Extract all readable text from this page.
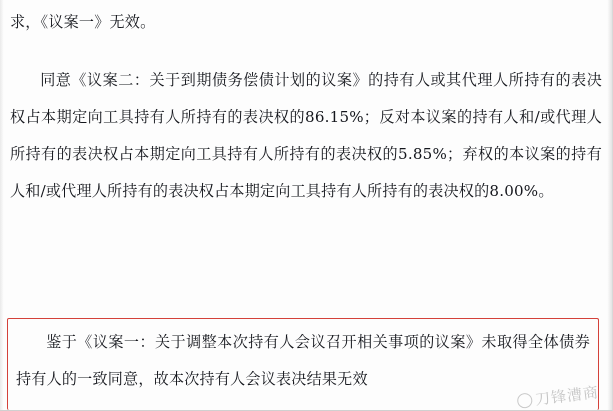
求，《议案一》无效。

同意《议案二：关于到期债务偿债计划的议案》的持有人或其代理人所持有的表决权占本期定向工具持有人所持有的表决权的86.15%；反对本议案的持有人和/或代理人所持有的表决权占本期定向工具持有人所持有的表决权的5.85%；弃权的本议案的持有人和/或代理人所持有的表决权占本期定向工具持有人所持有的表决权的8.00%。

鉴于《议案一：关于调整本次持有人会议召开相关事项的议案》未取得全体债券持有人的一致同意，故本次持有人会议表决结果无效

刀锋漕商
